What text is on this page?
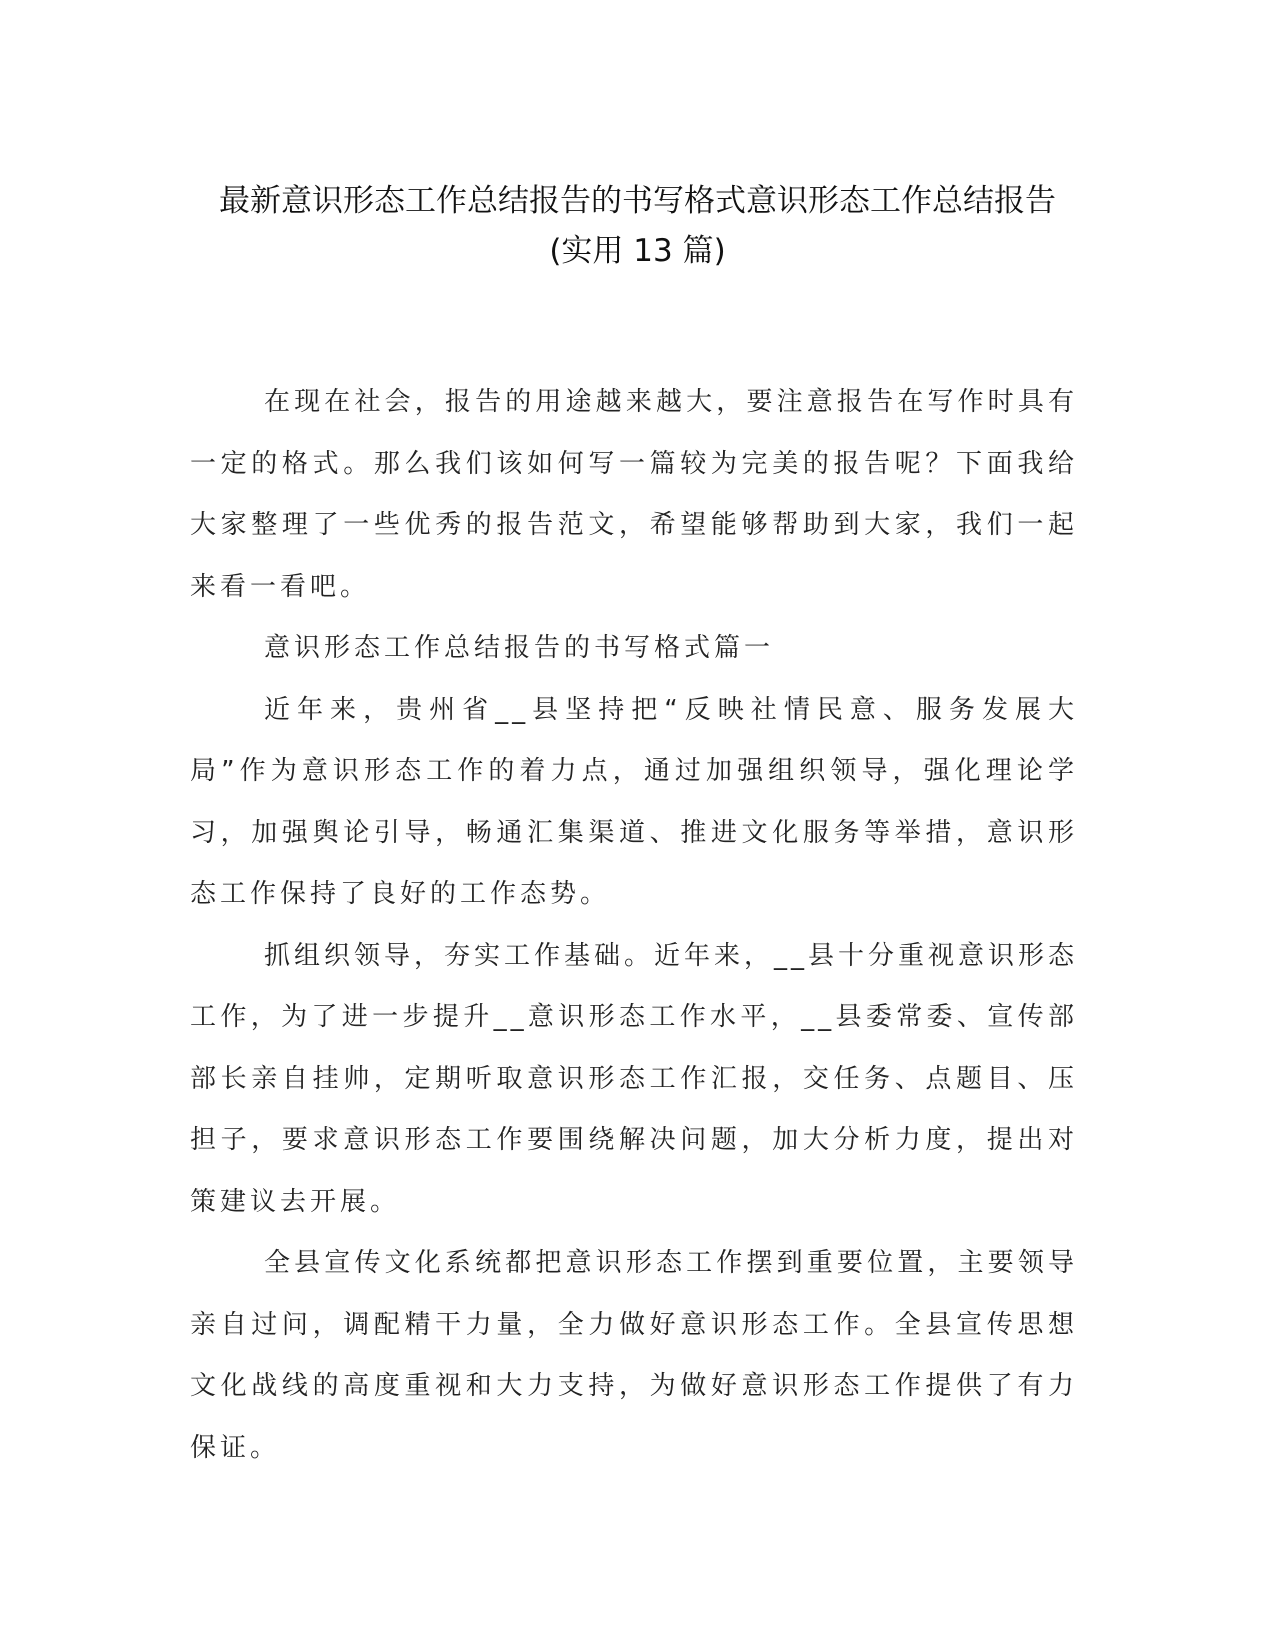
最新意识形态工作总结报告的书写格式意识形态工作总结报告
(实用 13 篇)

在现在社会，报告的用途越来越大，要注意报告在写作时具有一定的格式。那么我们该如何写一篇较为完美的报告呢？下面我给大家整理了一些优秀的报告范文，希望能够帮助到大家，我们一起来看一看吧。

意识形态工作总结报告的书写格式篇一

近年来，贵州省__县坚持把“反映社情民意、服务发展大局”作为意识形态工作的着力点，通过加强组织领导，强化理论学习，加强舆论引导，畅通汇集渠道、推进文化服务等举措，意识形态工作保持了良好的工作态势。

抓组织领导，夯实工作基础。近年来，__县十分重视意识形态工作，为了进一步提升__意识形态工作水平，__县委常委、宣传部部长亲自挂帅，定期听取意识形态工作汇报，交任务、点题目、压担子，要求意识形态工作要围绕解决问题，加大分析力度，提出对策建议去开展。

全县宣传文化系统都把意识形态工作摆到重要位置，主要领导亲自过问，调配精干力量，全力做好意识形态工作。全县宣传思想文化战线的高度重视和大力支持，为做好意识形态工作提供了有力保证。
